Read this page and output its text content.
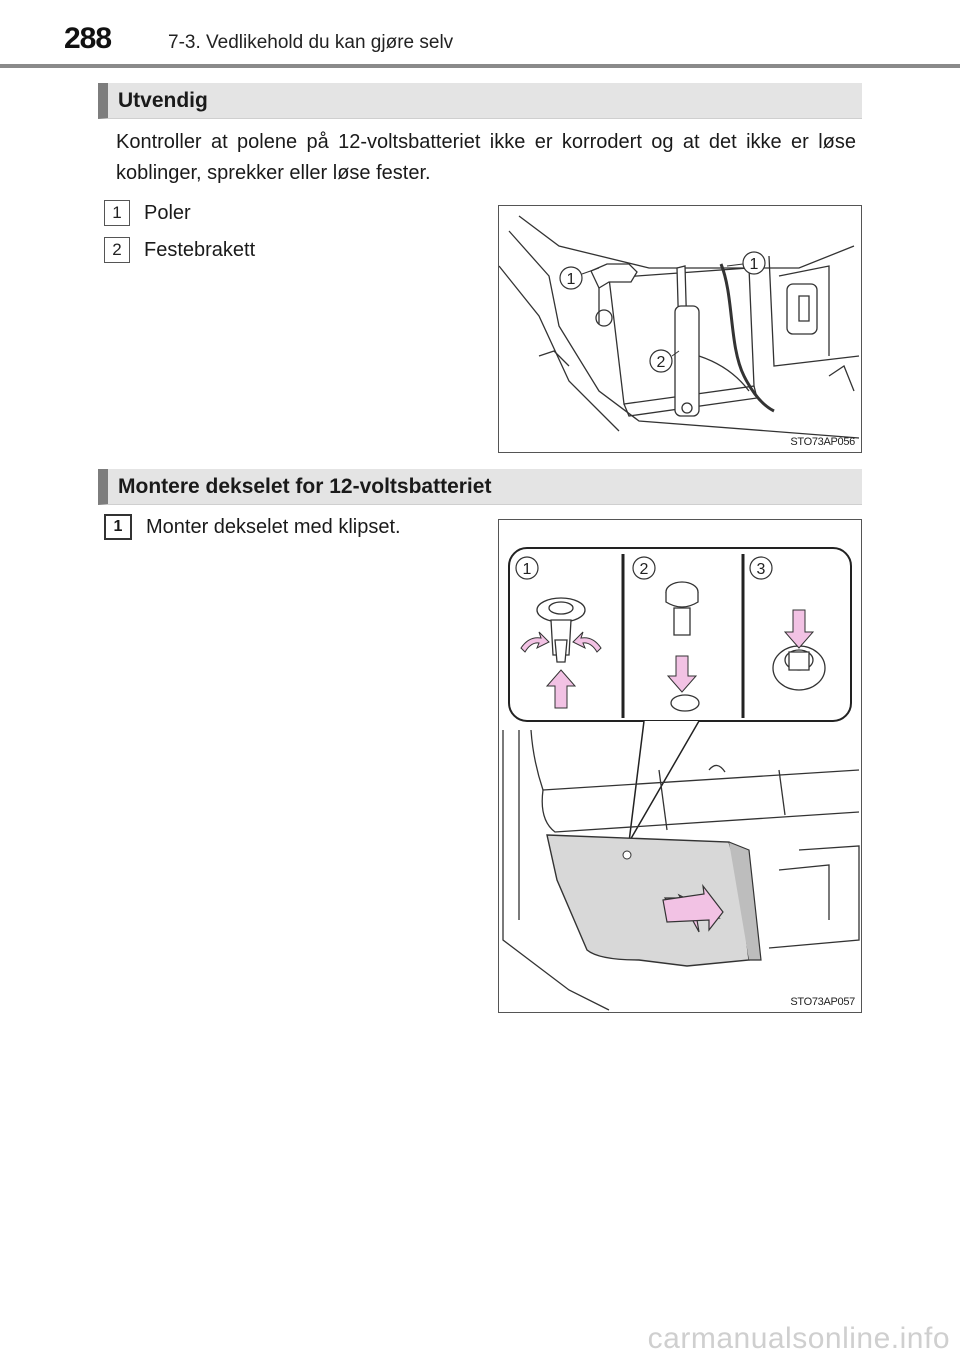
288	7-3. Vedlikehold du kan gjøre selv
Utvendig
Kontroller at polene på 12-voltsbatteriet ikke er korrodert og at det ikke er løse koblinger, sprekker eller løse fester.
1	Poler
2	Festebrakett
1
1
2
STO73AP056
Montere dekselet for 12-voltsbatteriet
1	Monter dekselet med klipset.
1	2	3
STO73AP057
carmanualsonline.info
